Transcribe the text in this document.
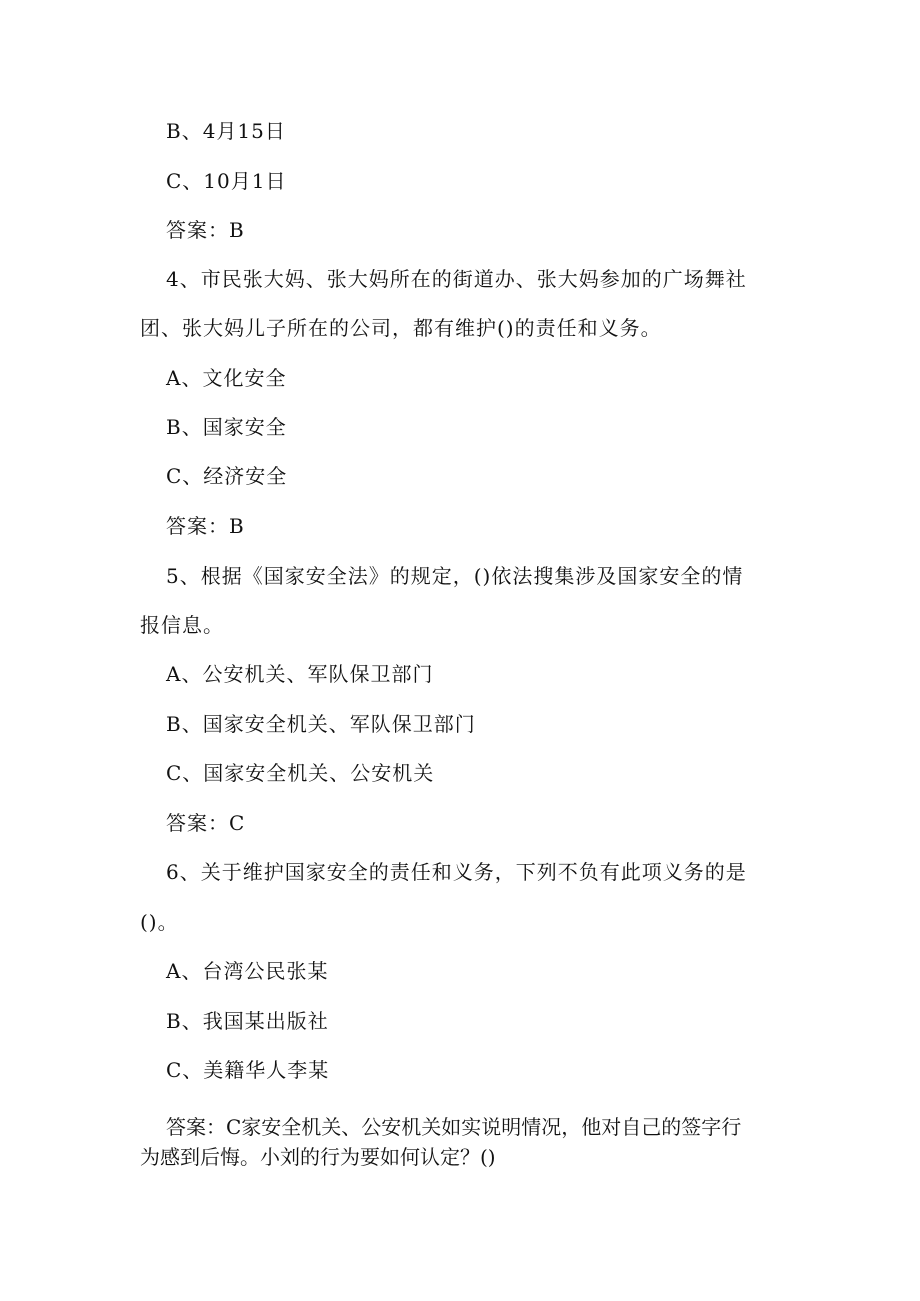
B、4月15日
C、10月1日
答案：B
4、市民张大妈、张大妈所在的街道办、张大妈参加的广场舞社
团、张大妈儿子所在的公司，都有维护()的责任和义务。
A、文化安全
B、国家安全
C、经济安全
答案：B
5、根据《国家安全法》的规定，()依法搜集涉及国家安全的情
报信息。
A、公安机关、军队保卫部门
B、国家安全机关、军队保卫部门
C、国家安全机关、公安机关
答案：C
6、关于维护国家安全的责任和义务，下列不负有此项义务的是
()。
A、台湾公民张某
B、我国某出版社
C、美籍华人李某
答案：C家安全机关、公安机关如实说明情况，他对自己的签字行
为感到后悔。小刘的行为要如何认定？()
